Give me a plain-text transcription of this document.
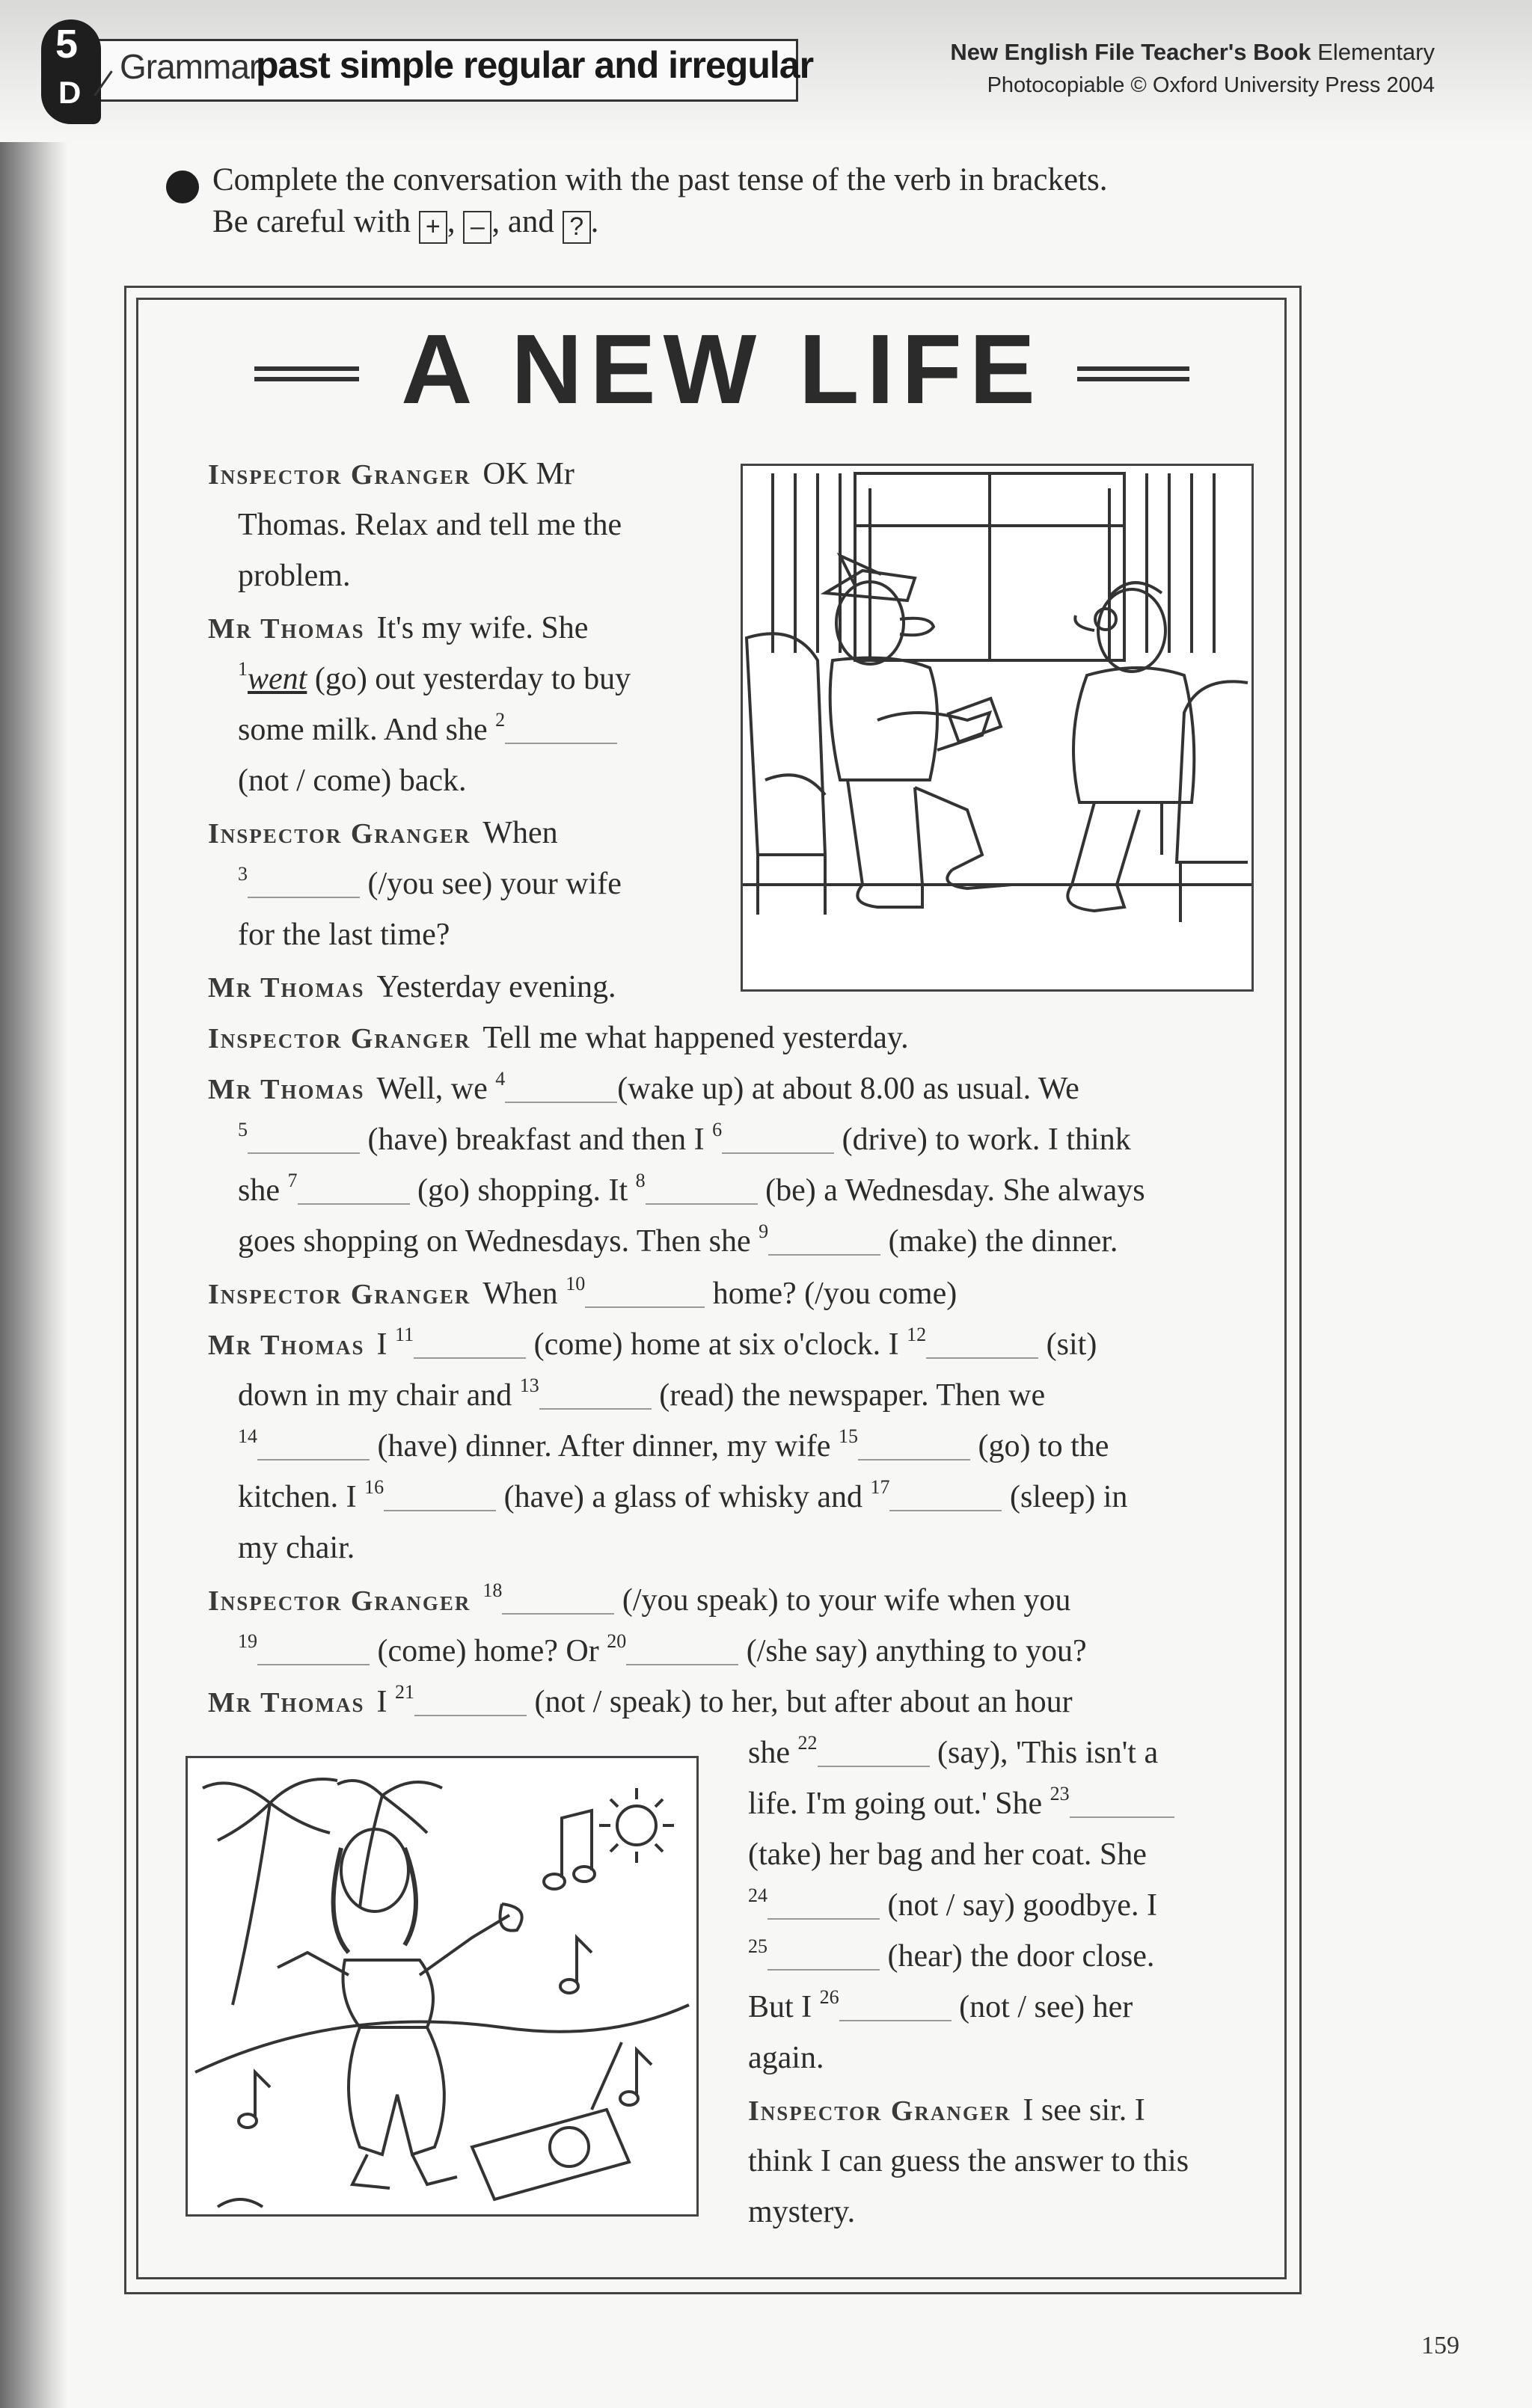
5
D
Grammar
past simple regular and irregular	New English File Teacher's Book Elementary
Photocopiable © Oxford University Press 2004
Complete the conversation with the past tense of the verb in brackets.
Be careful with + , – , and ? .
A NEW LIFE
Inspector Granger OK Mr
Thomas. Relax and tell me the
problem.
Mr Thomas It's my wife. She
$^1$went (go) out yesterday to buy
some milk. And she $^2$
(not / come) back.
Inspector Granger When
$^3$	(/you see) your wife
for the last time?
Mr Thomas Yesterday evening.
Inspector Granger Tell me what happened yesterday.
Mr Thomas Well, we $^4$	(wake up) at about 8.00 as usual. We
$^5$	(have) breakfast and then I $^6$	(drive) to work. I think
she $^7$	(go) shopping. It $^8$	(be) a Wednesday. She always
goes shopping on Wednesdays. Then she $^9$	(make) the dinner.
Inspector Granger When $^{10}$	home? (/you come)
Mr Thomas I $^{11}$	(come) home at six o'clock. I $^{12}$	(sit)
down in my chair and $^{13}$	(read) the newspaper. Then we
$^{14}$	(have) dinner. After dinner, my wife $^{15}$	(go) to the
kitchen. I $^{16}$	(have) a glass of whisky and $^{17}$	(sleep) in
my chair.
Inspector Granger $^{18}$	(/you speak) to your wife when you
$^{19}$	(come) home? Or $^{20}$	(/she say) anything to you?
Mr Thomas I $^{21}$	(not / speak) to her, but after about an hour
she $^{22}$	(say), 'This isn't a
life. I'm going out.' She $^{23}$
(take) her bag and her coat. She
$^{24}$	(not / say) goodbye. I
$^{25}$	(hear) the door close.
But I $^{26}$	(not / see) her
again.
Inspector Granger I see sir. I
think I can guess the answer to this
mystery.
159
